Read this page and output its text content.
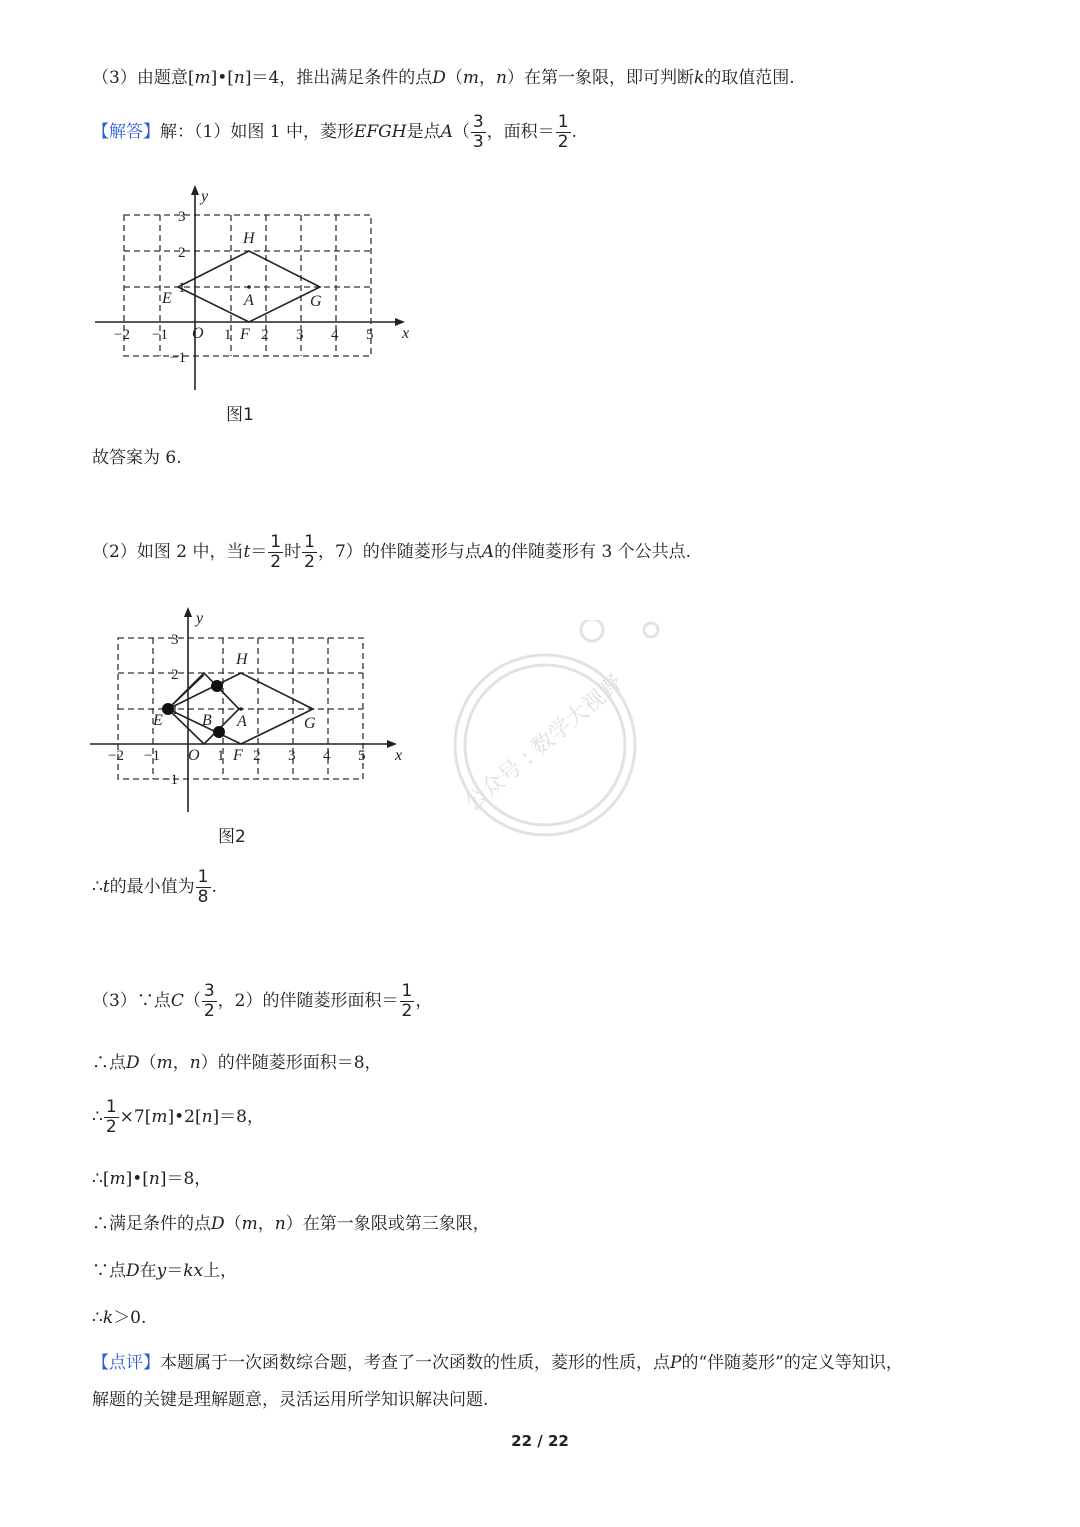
（3）由题意[m]•[n]＝4，推出满足条件的点D（m，n）在第一象限，即可判断k的取值范围.
【解答】解：（1）如图 1 中，菱形EFGH是点$A( \frac{3}{3}$ ，面积＝ $\frac{1}{2}$ .
x
y
O
E
F
G
H
A
−2 −1	1 2 3 4 5
3
2
1
−1
图1
故答案为 6.
（2）如图 2 中，当$t= \frac{1}{2}$ 时 $\frac{1}{2}$ ，7）的伴随菱形与点A的伴随菱形有 3 个公共点.
x
y
O
E
F
G
H
A
B
−2 −1	1 2 3 4 5
3
2
1
−1
图2
公众号 : 数学大视野
∴t的最小值为 $\frac{1}{8}$ .
（3）∵点$C( \frac{3}{2}$ ，2）的伴随菱形面积＝ $\frac{1}{2}$ ，
∴点D（m，n）的伴随菱形面积＝8，
∴ $\frac{1}{2}$ ×7[m]•2[n]＝8，
∴[m]•[n]＝8，
∴满足条件的点D（m，n）在第一象限或第三象限，
∵点D在y＝kx上，
∴k＞0.
【点评】本题属于一次函数综合题，考查了一次函数的性质，菱形的性质，点P的“伴随菱形”的定义等知识，
解题的关键是理解题意，灵活运用所学知识解决问题.
22 / 22
